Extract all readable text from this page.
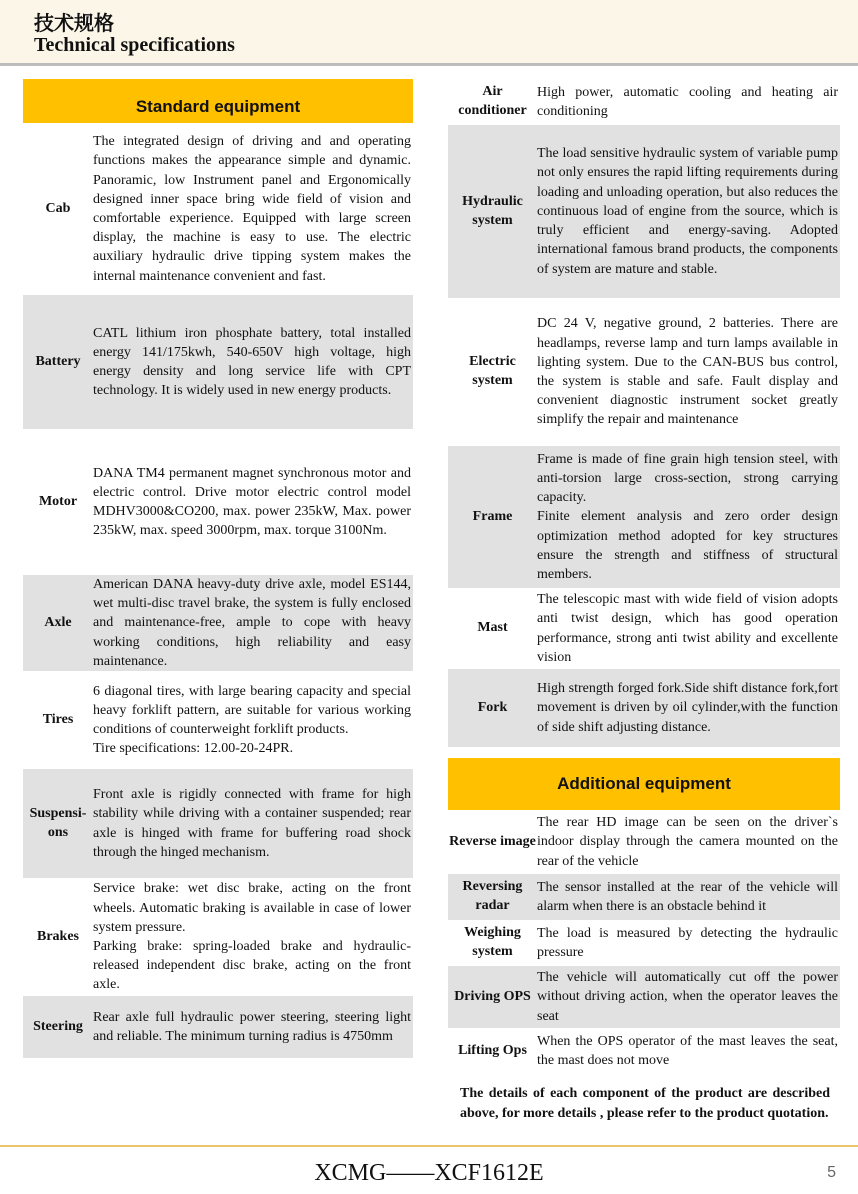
技术规格
Technical specifications
Standard equipment
Cab
The integrated design of driving and and operating functions makes the appearance simple and dynamic. Panoramic, low Instrument panel and Ergonomically designed inner space bring wide field of vision and comfortable experience. Equipped with large screen display, the machine is easy to use. The electric auxiliary hydraulic drive tipping system makes the internal maintenance convenient and fast.
Battery
CATL lithium iron phosphate battery, total installed energy 141/175kwh, 540-650V high voltage, high energy density and long service life with CPT technology. It is widely used in new energy products.
Motor
DANA TM4 permanent magnet synchronous motor and electric control. Drive motor electric control model MDHV3000&CO200, max. power 235kW, Max. power 235kW, max. speed 3000rpm, max. torque 3100Nm.
Axle
American DANA heavy-duty drive axle, model ES144, wet multi-disc travel brake, the system is fully enclosed and maintenance-free, ample to cope with heavy working conditions, high reliability and easy maintenance.
Tires
6 diagonal tires, with large bearing capacity and special heavy forklift pattern, are suitable for various working conditions of counterweight forklift products.
Tire specifications: 12.00-20-24PR.
Suspensi-ons
Front axle is rigidly connected with frame for high stability while driving with a container suspended; rear axle is hinged with frame for buffering road shock through the hinged mechanism.
Brakes
Service brake: wet disc brake, acting on the front wheels. Automatic braking is available in case of lower system pressure.
Parking brake: spring-loaded brake and hydraulic-released independent disc brake, acting on the front axle.
Steering
Rear axle full hydraulic power steering, steering light and reliable. The minimum turning radius is 4750mm
Air conditioner
High power, automatic cooling and heating air conditioning
Hydraulic system
The load sensitive hydraulic system of variable pump not only ensures the rapid lifting requirements during loading and unloading operation, but also reduces the continuous load of engine from the source, which is truly efficient and energy-saving. Adopted international famous brand products, the components of system are mature and stable.
Electric system
DC 24 V, negative ground, 2 batteries. There are headlamps, reverse lamp and turn lamps available in lighting system. Due to the CAN-BUS bus control, the system is stable and safe. Fault display and convenient diagnostic instrument socket greatly simplify the repair and maintenance
Frame
Frame is made of fine grain high tension steel, with anti-torsion large cross-section, strong carrying capacity.
Finite element analysis and zero order design optimization method adopted for key structures ensure the strength and stiffness of structural members.
Mast
The telescopic mast with wide field of vision adopts anti twist design, which has good operation performance, strong anti twist ability and excellente vision
Fork
High strength forged fork.Side shift distance fork,fort movement is driven by oil cylinder,with the function of side shift adjusting distance.
Additional equipment
Reverse image
The rear HD image can be seen on the driver`s indoor display through the camera mounted on the rear of the vehicle
Reversing radar
The sensor installed at the rear of the vehicle will alarm when there is an obstacle behind it
Weighing system
The load is measured by detecting the hydraulic pressure
Driving OPS
The vehicle will automatically cut off the power without driving action, when the operator leaves the seat
Lifting Ops
When the OPS operator of the mast leaves the seat, the mast does not move
The details of each component of the product are described above, for more details , please refer to the product quotation.
XCMG——XCF1612E	5
